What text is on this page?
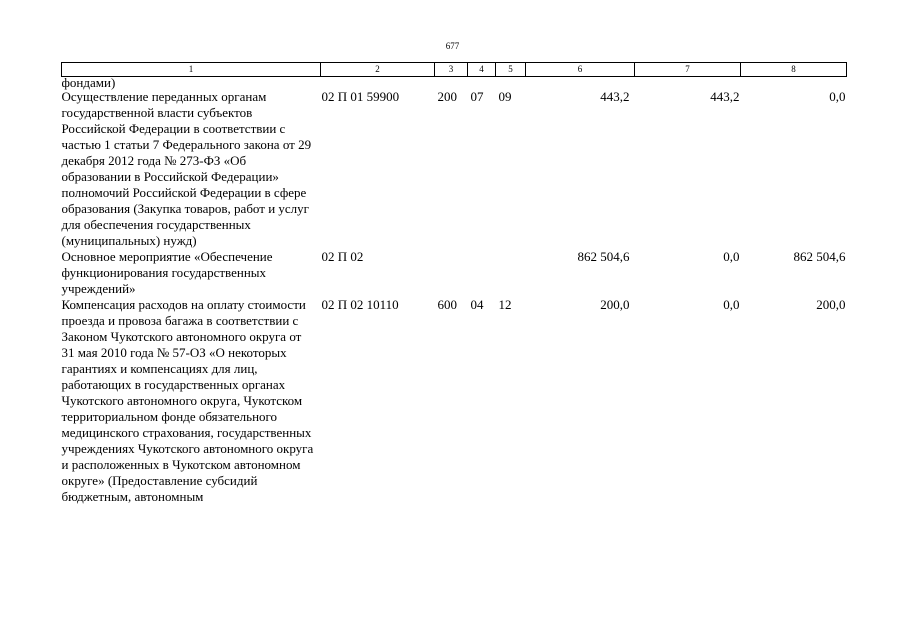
677
1	2	3	4	5	6	7	8
фондами)							
Осуществление переданных органам государственной власти субъектов Российской Федерации в соответствии с частью 1 статьи 7 Федерального закона от 29 декабря 2012 года № 273-ФЗ «Об образовании в Российской Федерации» полномочий Российской Федерации в сфере образования (Закупка товаров, работ и услуг для обеспечения государственных (муниципальных) нужд)	02 П 01 59900	200	07	09	443,2	443,2	0,0
Основное мероприятие «Обеспечение функционирования государственных учреждений»	02 П 02				862 504,6	0,0	862 504,6
Компенсация расходов на оплату стоимости проезда и провоза багажа в соответствии с Законом Чукотского автономного округа от 31 мая 2010 года № 57-ОЗ «О некоторых гарантиях и компенсациях для лиц, работающих в государственных органах Чукотского автономного округа, Чукотском территориальном фонде обязательного медицинского страхования, государственных учреждениях Чукотского автономного округа и расположенных в Чукотском автономном округе» (Предоставление субсидий бюджетным, автономным	02 П 02 10110	600	04	12	200,0	0,0	200,0
